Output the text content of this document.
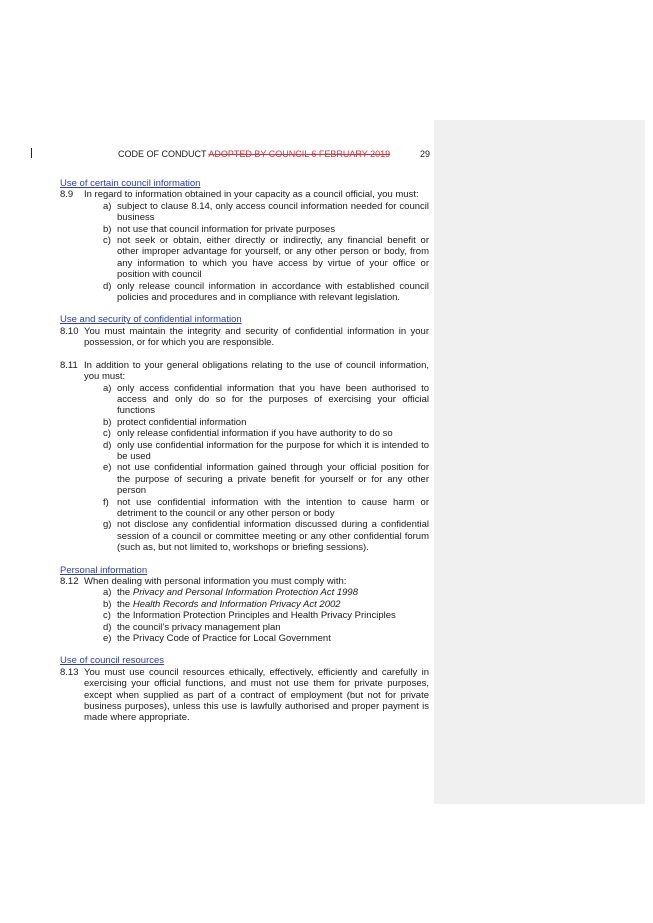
CODE OF CONDUCT ADOPTED BY COUNCIL 6 FEBRUARY 2019	29

Use of certain council information

8.9 In regard to information obtained in your capacity as a council official, you must:
a) subject to clause 8.14, only access council information needed for council business
b) not use that council information for private purposes
c) not seek or obtain, either directly or indirectly, any financial benefit or other improper advantage for yourself, or any other person or body, from any information to which you have access by virtue of your office or position with council
d) only release council information in accordance with established council policies and procedures and in compliance with relevant legislation.

Use and security of confidential information

8.10 You must maintain the integrity and security of confidential information in your possession, or for which you are responsible.
8.11 In addition to your general obligations relating to the use of council information, you must:
a) only access confidential information that you have been authorised to access and only do so for the purposes of exercising your official functions
b) protect confidential information
c) only release confidential information if you have authority to do so
d) only use confidential information for the purpose for which it is intended to be used
e) not use confidential information gained through your official position for the purpose of securing a private benefit for yourself or for any other person
f) not use confidential information with the intention to cause harm or detriment to the council or any other person or body
g) not disclose any confidential information discussed during a confidential session of a council or committee meeting or any other confidential forum (such as, but not limited to, workshops or briefing sessions).

Personal information

8.12 When dealing with personal information you must comply with:
a) the Privacy and Personal Information Protection Act 1998
b) the Health Records and Information Privacy Act 2002
c) the Information Protection Principles and Health Privacy Principles
d) the council’s privacy management plan
e) the Privacy Code of Practice for Local Government

Use of council resources

8.13 You must use council resources ethically, effectively, efficiently and carefully in exercising your official functions, and must not use them for private purposes, except when supplied as part of a contract of employment (but not for private business purposes), unless this use is lawfully authorised and proper payment is made where appropriate.
